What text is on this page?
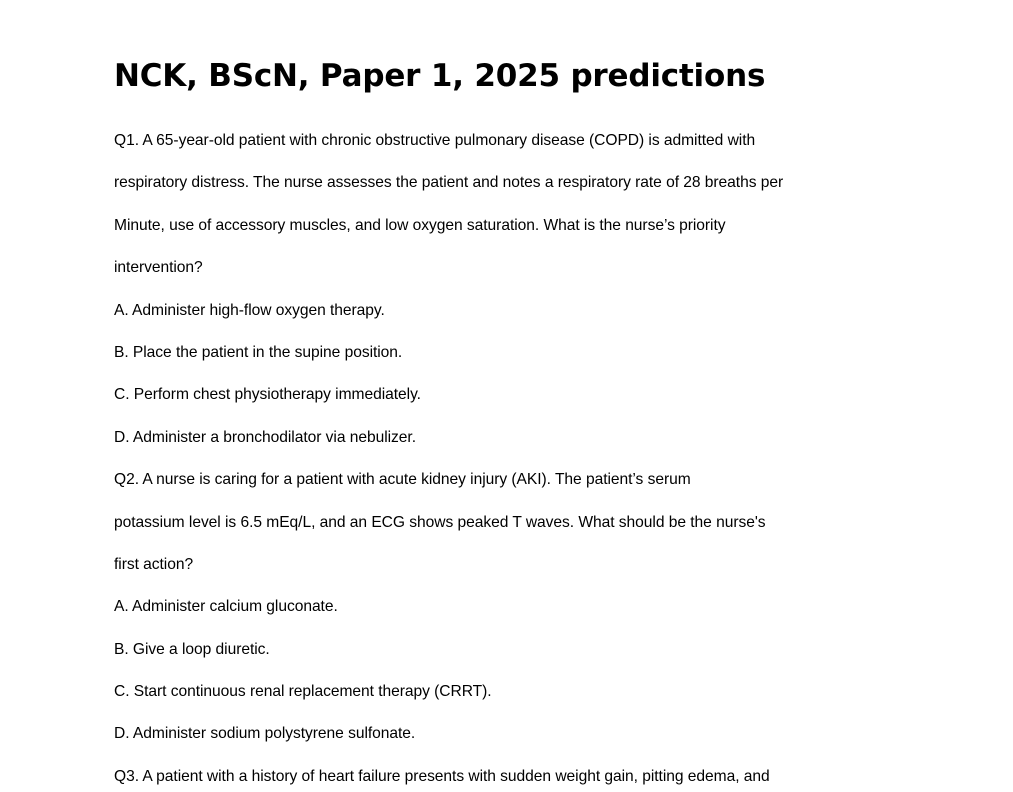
NCK, BScN, Paper 1, 2025 predictions
Q1. A 65-year-old patient with chronic obstructive pulmonary disease (COPD) is admitted with
respiratory distress. The nurse assesses the patient and notes a respiratory rate of 28 breaths per
Minute, use of accessory muscles, and low oxygen saturation. What is the nurse’s priority
intervention?
A. Administer high-flow oxygen therapy.
B. Place the patient in the supine position.
C. Perform chest physiotherapy immediately.
D. Administer a bronchodilator via nebulizer.
Q2. A nurse is caring for a patient with acute kidney injury (AKI). The patient’s serum
potassium level is 6.5 mEq/L, and an ECG shows peaked T waves. What should be the nurse's
first action?
A. Administer calcium gluconate.
B. Give a loop diuretic.
C. Start continuous renal replacement therapy (CRRT).
D. Administer sodium polystyrene sulfonate.
Q3. A patient with a history of heart failure presents with sudden weight gain, pitting edema, and
